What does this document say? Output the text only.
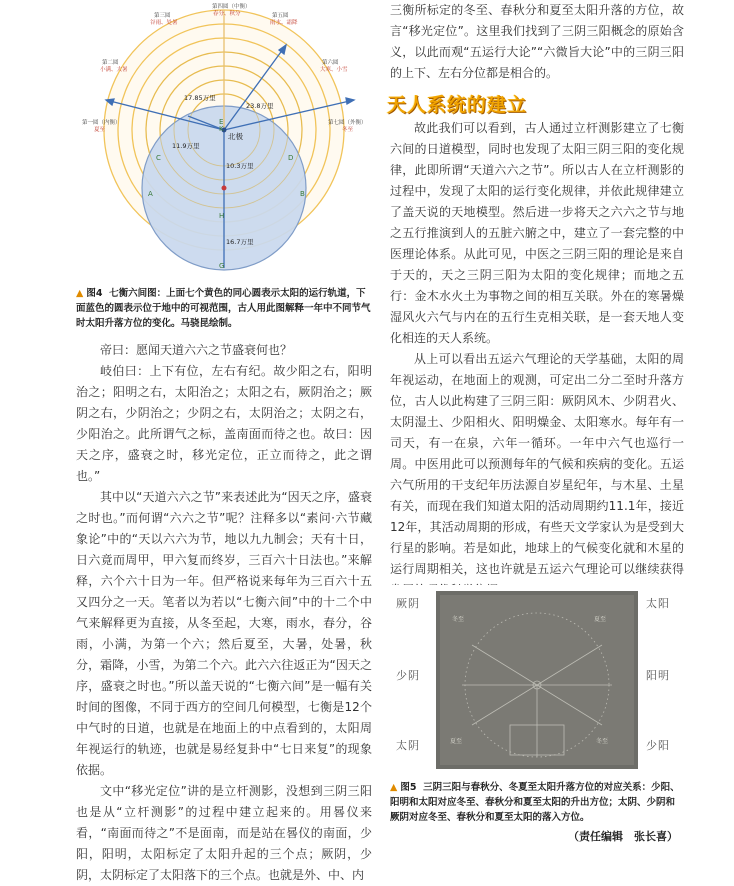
第四圆（中衡）
春分、秋分
第三圆
谷雨、处暑
第五圆
雨水、霜降
第二圆
小满、大暑
第六圆
大寒、小雪
第一圆（内衡）
夏至
第七圆（外衡）
冬至
17.85万里
23.8万里
11.9万里
10.3万里
16.7万里
北极
E
K
C	D
A	B
H
G
▲ 图4 七衡六间图：上面七个黄色的同心圆表示太阳的运行轨道，下面蓝色的圆表示位于地中的可视范围，古人用此图解释一年中不同节气时太阳升落方位的变化。马骁昆绘制。

帝曰：愿闻天道六六之节盛衰何也？

岐伯曰：上下有位，左右有纪。故少阳之右，阳明治之；阳明之右，太阳治之；太阳之右，厥阴治之；厥阴之右，少阴治之；少阴之右，太阴治之；太阴之右，少阳治之。此所谓气之标，盖南面而待之也。故曰：因天之序，盛衰之时，移光定位，正立而待之，此之谓也。”

其中以“天道六六之节”来表述此为“因天之序，盛衰之时也。”而何谓“六六之节”呢？注释多以“素问·六节藏象论”中的“天以六六为节，地以九九制会；天有十日，日六竟而周甲，甲六复而终岁，三百六十日法也。”来解释，六个六十日为一年。但严格说来每年为三百六十五又四分之一天。笔者以为若以“七衡六间”中的十二个中气来解释更为直接，从冬至起，大寒，雨水，春分，谷雨，小满，为第一个六；然后夏至，大暑，处暑，秋分，霜降，小雪，为第二个六。此六六往返正为“因天之序，盛衰之时也。”所以盖天说的“七衡六间”是一幅有关时间的图像，不同于西方的空间几何模型，七衡是12个中气时的日道，也就是在地面上的中点看到的，太阳周年视运行的轨迹，也就是易经复卦中“七日来复”的现象依据。

文中“移光定位”讲的是立杆测影，没想到三阴三阳也是从“立杆测影”的过程中建立起来的。用晷仪来看，“南面而待之”不是面南，而是站在晷仪的南面，少阳，阳明，太阳标定了太阳升起的三个点；厥阴，少阴，太阴标定了太阳落下的三个点。也就是外、中、内

三衡所标定的冬至、春秋分和夏至太阳升落的方位，故言“移光定位”。这里我们找到了三阴三阳概念的原始含义，以此而观“五运行大论”“六微旨大论”中的三阴三阳的上下、左右分位都是相合的。

天人系统的建立

故此我们可以看到，古人通过立杆测影建立了七衡六间的日道模型，同时也发现了太阳三阴三阳的变化规律，此即所谓“天道六六之节”。所以古人在立杆测影的过程中，发现了太阳的运行变化规律，并依此规律建立了盖天说的天地模型。然后进一步将天之六六之节与地之五行推演到人的五脏六腑之中，建立了一套完整的中医理论体系。从此可见，中医之三阴三阳的理论是来自于天的，天之三阴三阳为太阳的变化规律；而地之五行：金木水火土为事物之间的相互关联。外在的寒暑燥湿风火六气与内在的五行生克相关联，是一套天地人变化相连的天人系统。

从上可以看出五运六气理论的天学基础，太阳的周年视运动，在地面上的观测，可定出二分二至时升落方位，古人以此构建了三阴三阳：厥阴风木、少阴君火、太阴湿土、少阳相火、阳明燥金、太阳寒水。每年有一司天，有一在泉，六年一循环。一年中六气也巡行一周。中医用此可以预测每年的气候和疾病的变化。五运六气所用的干支纪年历法源自岁星纪年，与木星、土星有关，而现在我们知道太阳的活动周期约11.1年，接近12年，其活动周期的形成，有些天文学家认为是受到大行星的影响。若是如此，地球上的气候变化就和木星的运行周期相关，这也许就是五运六气理论可以继续获得

冬至	夏至
夏至	冬至
厥阴
少阴
太阴
太阳
阳明
少阳
▲ 图5 三阴三阳与春秋分、冬夏至太阳升落方位的对应关系：少阳、阳明和太阳对应冬至、春秋分和夏至太阳的升出方位；太阴、少阴和厥阴对应冬至、春秋分和夏至太阳的落入方位。
（责任编辑　张长喜）
